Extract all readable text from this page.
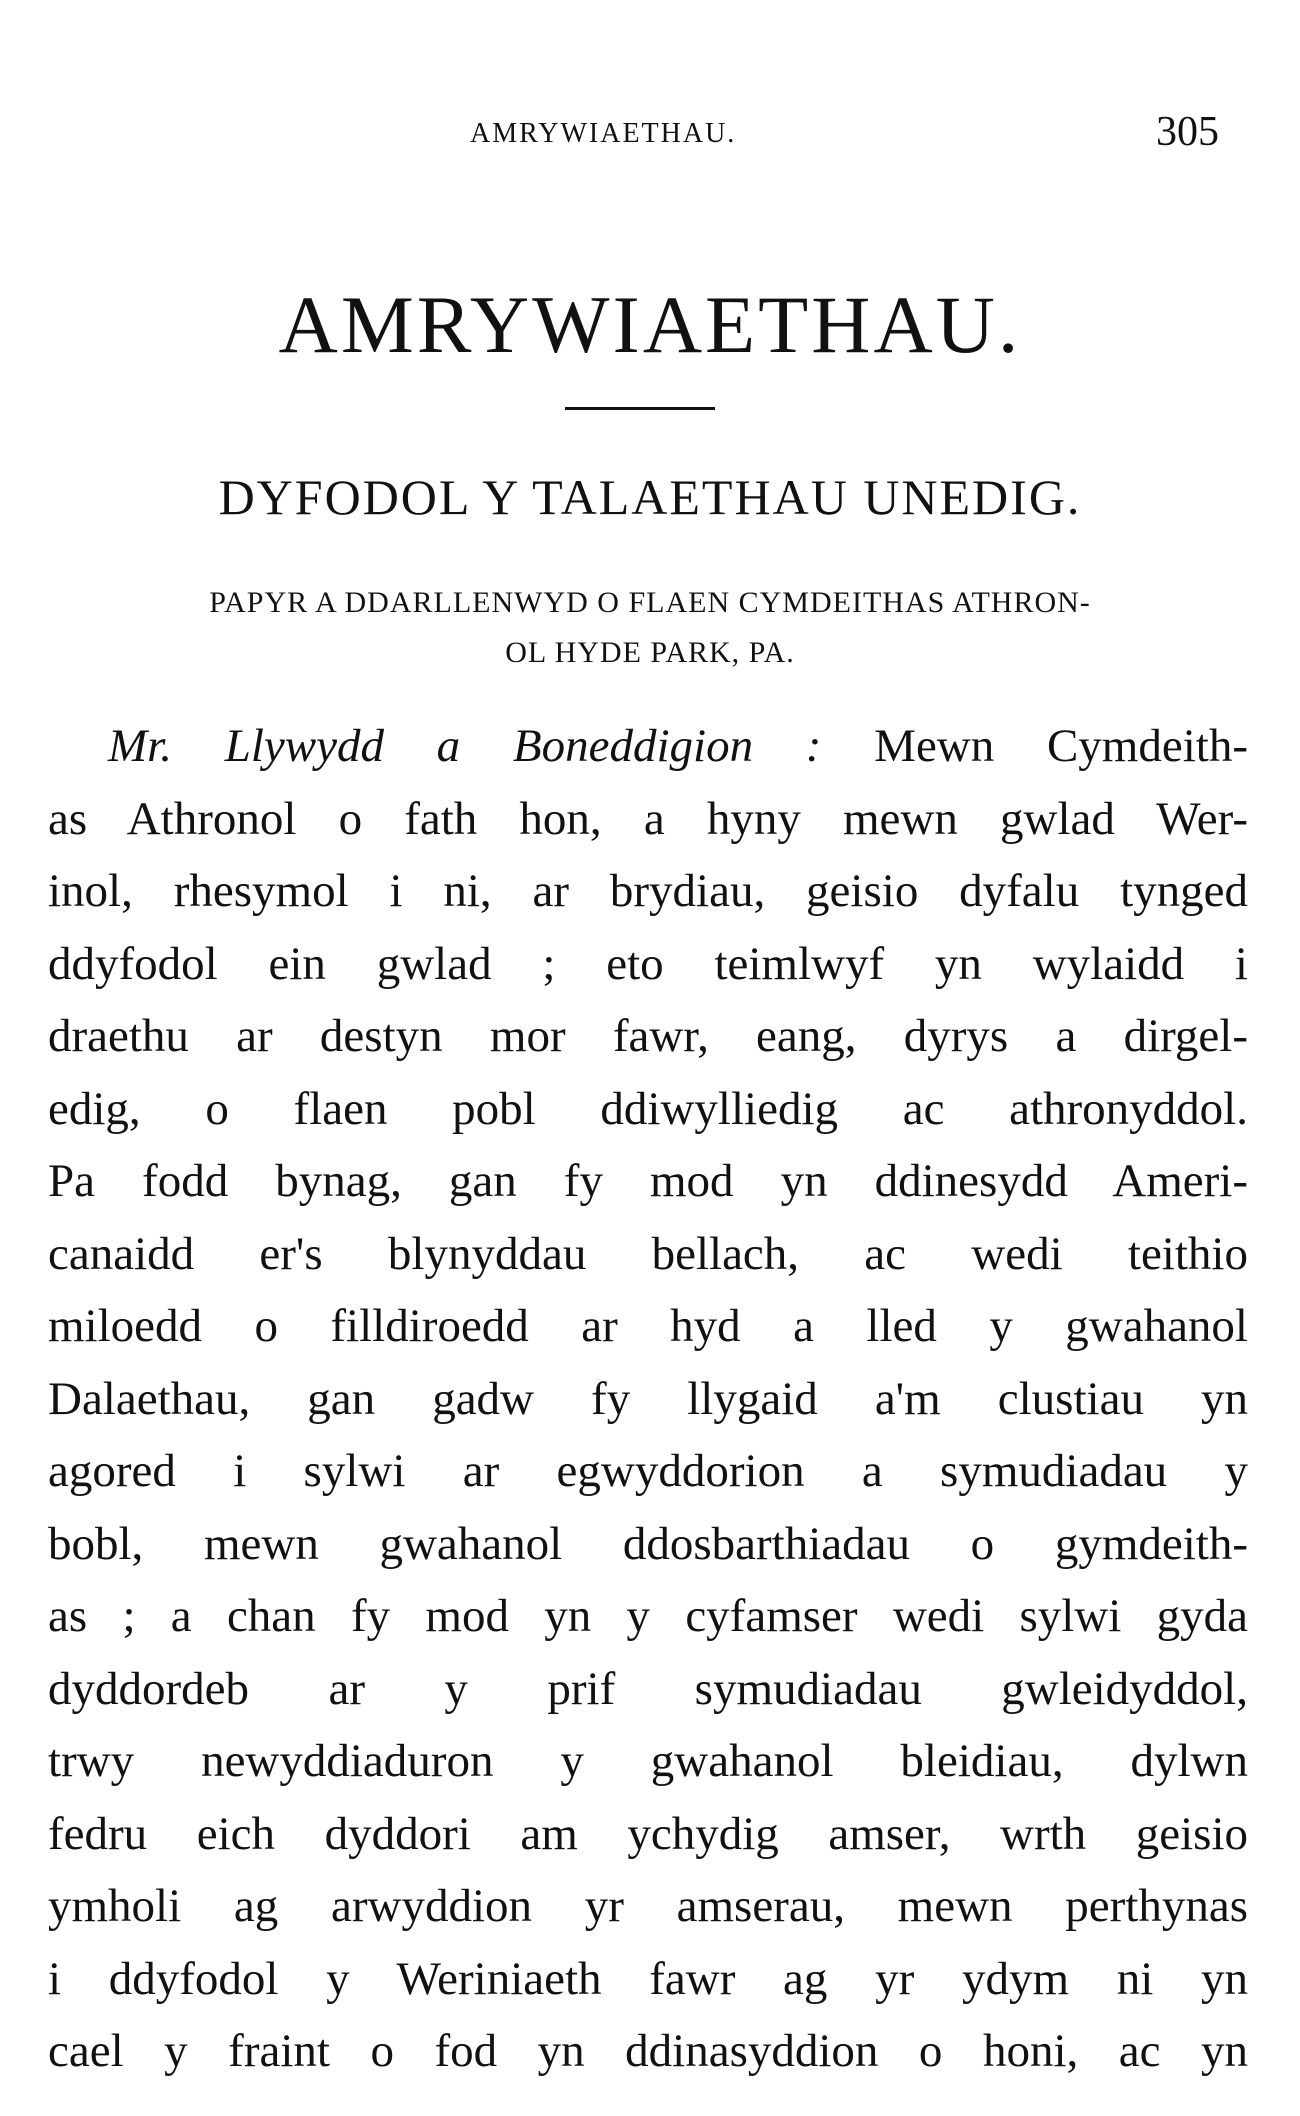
AMRYWIAETHAU.	305
AMRYWIAETHAU.
DYFODOL Y TALAETHAU UNEDIG.
PAPYR A DDARLLENWYD O FLAEN CYMDEITHAS ATHRON-
OL HYDE PARK, PA.
Mr. Llywydd a Boneddigion : Mewn Cymdeith-
as Athronol o fath hon, a hyny mewn gwlad Wer-
inol, rhesymol i ni, ar brydiau, geisio dyfalu tynged
ddyfodol ein gwlad ; eto teimlwyf yn wylaidd i
draethu ar destyn mor fawr, eang, dyrys a dirgel-
edig, o flaen pobl ddiwylliedig ac athronyddol.
Pa fodd bynag, gan fy mod yn ddinesydd Ameri-
canaidd er's blynyddau bellach, ac wedi teithio
miloedd o filldiroedd ar hyd a lled y gwahanol
Dalaethau, gan gadw fy llygaid a'm clustiau yn
agored i sylwi ar egwyddorion a symudiadau y
bobl, mewn gwahanol ddosbarthiadau o gymdeith-
as ; a chan fy mod yn y cyfamser wedi sylwi gyda
dyddordeb ar y prif symudiadau gwleidyddol,
trwy newyddiaduron y gwahanol bleidiau, dylwn
fedru eich dyddori am ychydig amser, wrth geisio
ymholi ag arwyddion yr amserau, mewn perthynas
i ddyfodol y Weriniaeth fawr ag yr ydym ni yn
cael y fraint o fod yn ddinasyddion o honi, ac yn
